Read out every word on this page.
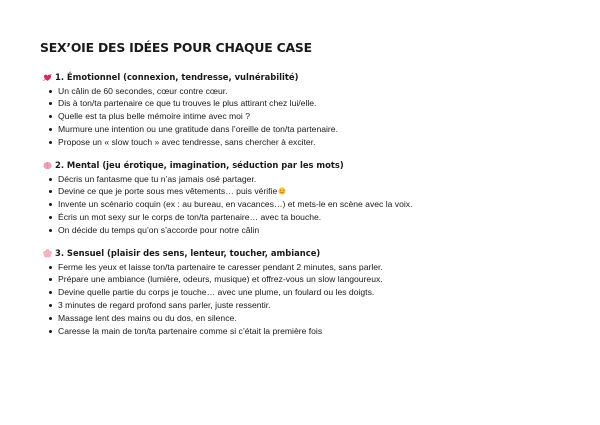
SEX’OIE DES IDÉES POUR CHAQUE CASE
1. Émotionnel (connexion, tendresse, vulnérabilité)
Un câlin de 60 secondes, cœur contre cœur.
Dis à ton/ta partenaire ce que tu trouves le plus attirant chez lui/elle.
Quelle est ta plus belle mémoire intime avec moi ?
Murmure une intention ou une gratitude dans l’oreille de ton/ta partenaire.
Propose un « slow touch » avec tendresse, sans chercher à exciter.
2. Mental (jeu érotique, imagination, séduction par les mots)
Décris un fantasme que tu n’as jamais osé partager.
Devine ce que je porte sous mes vêtements… puis vérifie
Invente un scénario coquin (ex : au bureau, en vacances…) et mets-le en scène avec la voix.
Écris un mot sexy sur le corps de ton/ta partenaire… avec ta bouche.
On décide du temps qu’on s’accorde pour notre câlin
3. Sensuel (plaisir des sens, lenteur, toucher, ambiance)
Ferme les yeux et laisse ton/ta partenaire te caresser pendant 2 minutes, sans parler.
Prépare une ambiance (lumière, odeurs, musique) et offrez-vous un slow langoureux.
Devine quelle partie du corps je touche… avec une plume, un foulard ou les doigts.
3 minutes de regard profond sans parler, juste ressentir.
Massage lent des mains ou du dos, en silence.
Caresse la main de ton/ta partenaire comme si c’était la première fois
